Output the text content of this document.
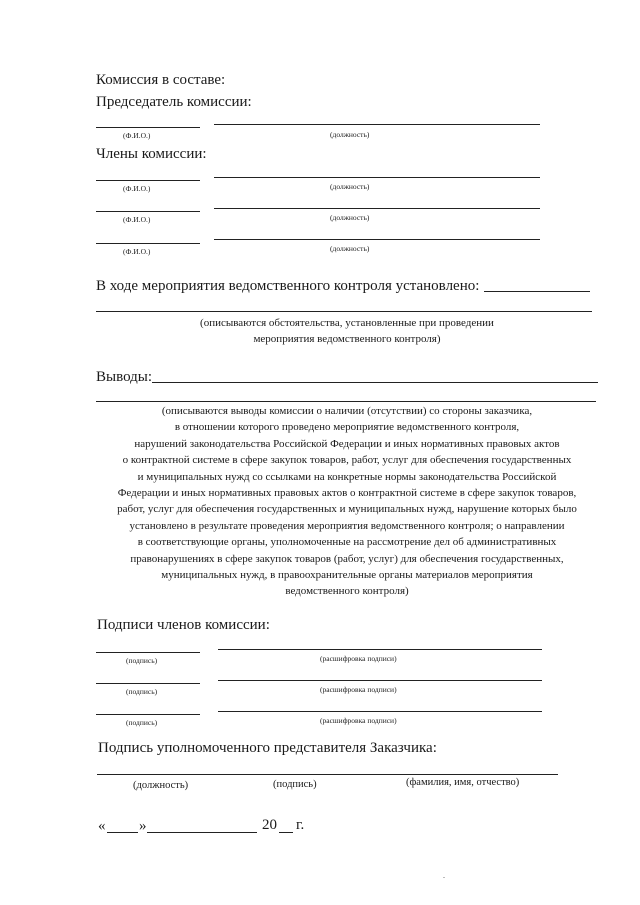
Комиссия в составе:
Председатель комиссии:
(Ф.И.О.)	(должность)
Члены комиссии:
(Ф.И.О.)	(должность)
(Ф.И.О.)	(должность)
(Ф.И.О.)	(должность)
В ходе мероприятия ведомственного контроля установлено:
(описываются обстоятельства, установленные при проведении
мероприятия ведомственного контроля)
Выводы:
(описываются выводы комиссии о наличии (отсутствии) со стороны заказчика,
в отношении которого проведено мероприятие ведомственного контроля,
нарушений законодательства Российской Федерации и иных нормативных правовых актов
о контрактной системе в сфере закупок товаров, работ, услуг для обеспечения государственных
и муниципальных нужд со ссылками на конкретные нормы законодательства Российской
Федерации и иных нормативных правовых актов о контрактной системе в сфере закупок товаров,
работ, услуг для обеспечения государственных и муниципальных нужд, нарушение которых было
установлено в результате проведения мероприятия ведомственного контроля; о направлении
в соответствующие органы, уполномоченные на рассмотрение дел об административных
правонарушениях в сфере закупок товаров (работ, услуг) для обеспечения государственных,
муниципальных нужд, в правоохранительные органы материалов мероприятия
ведомственного контроля)
Подписи членов комиссии:
(подпись)	(расшифровка подписи)
(подпись)	(расшифровка подписи)
(подпись)	(расшифровка подписи)
Подпись уполномоченного представителя Заказчика:
(должность)	(подпись)	(фамилия, имя, отчество)
« »	20 г.
